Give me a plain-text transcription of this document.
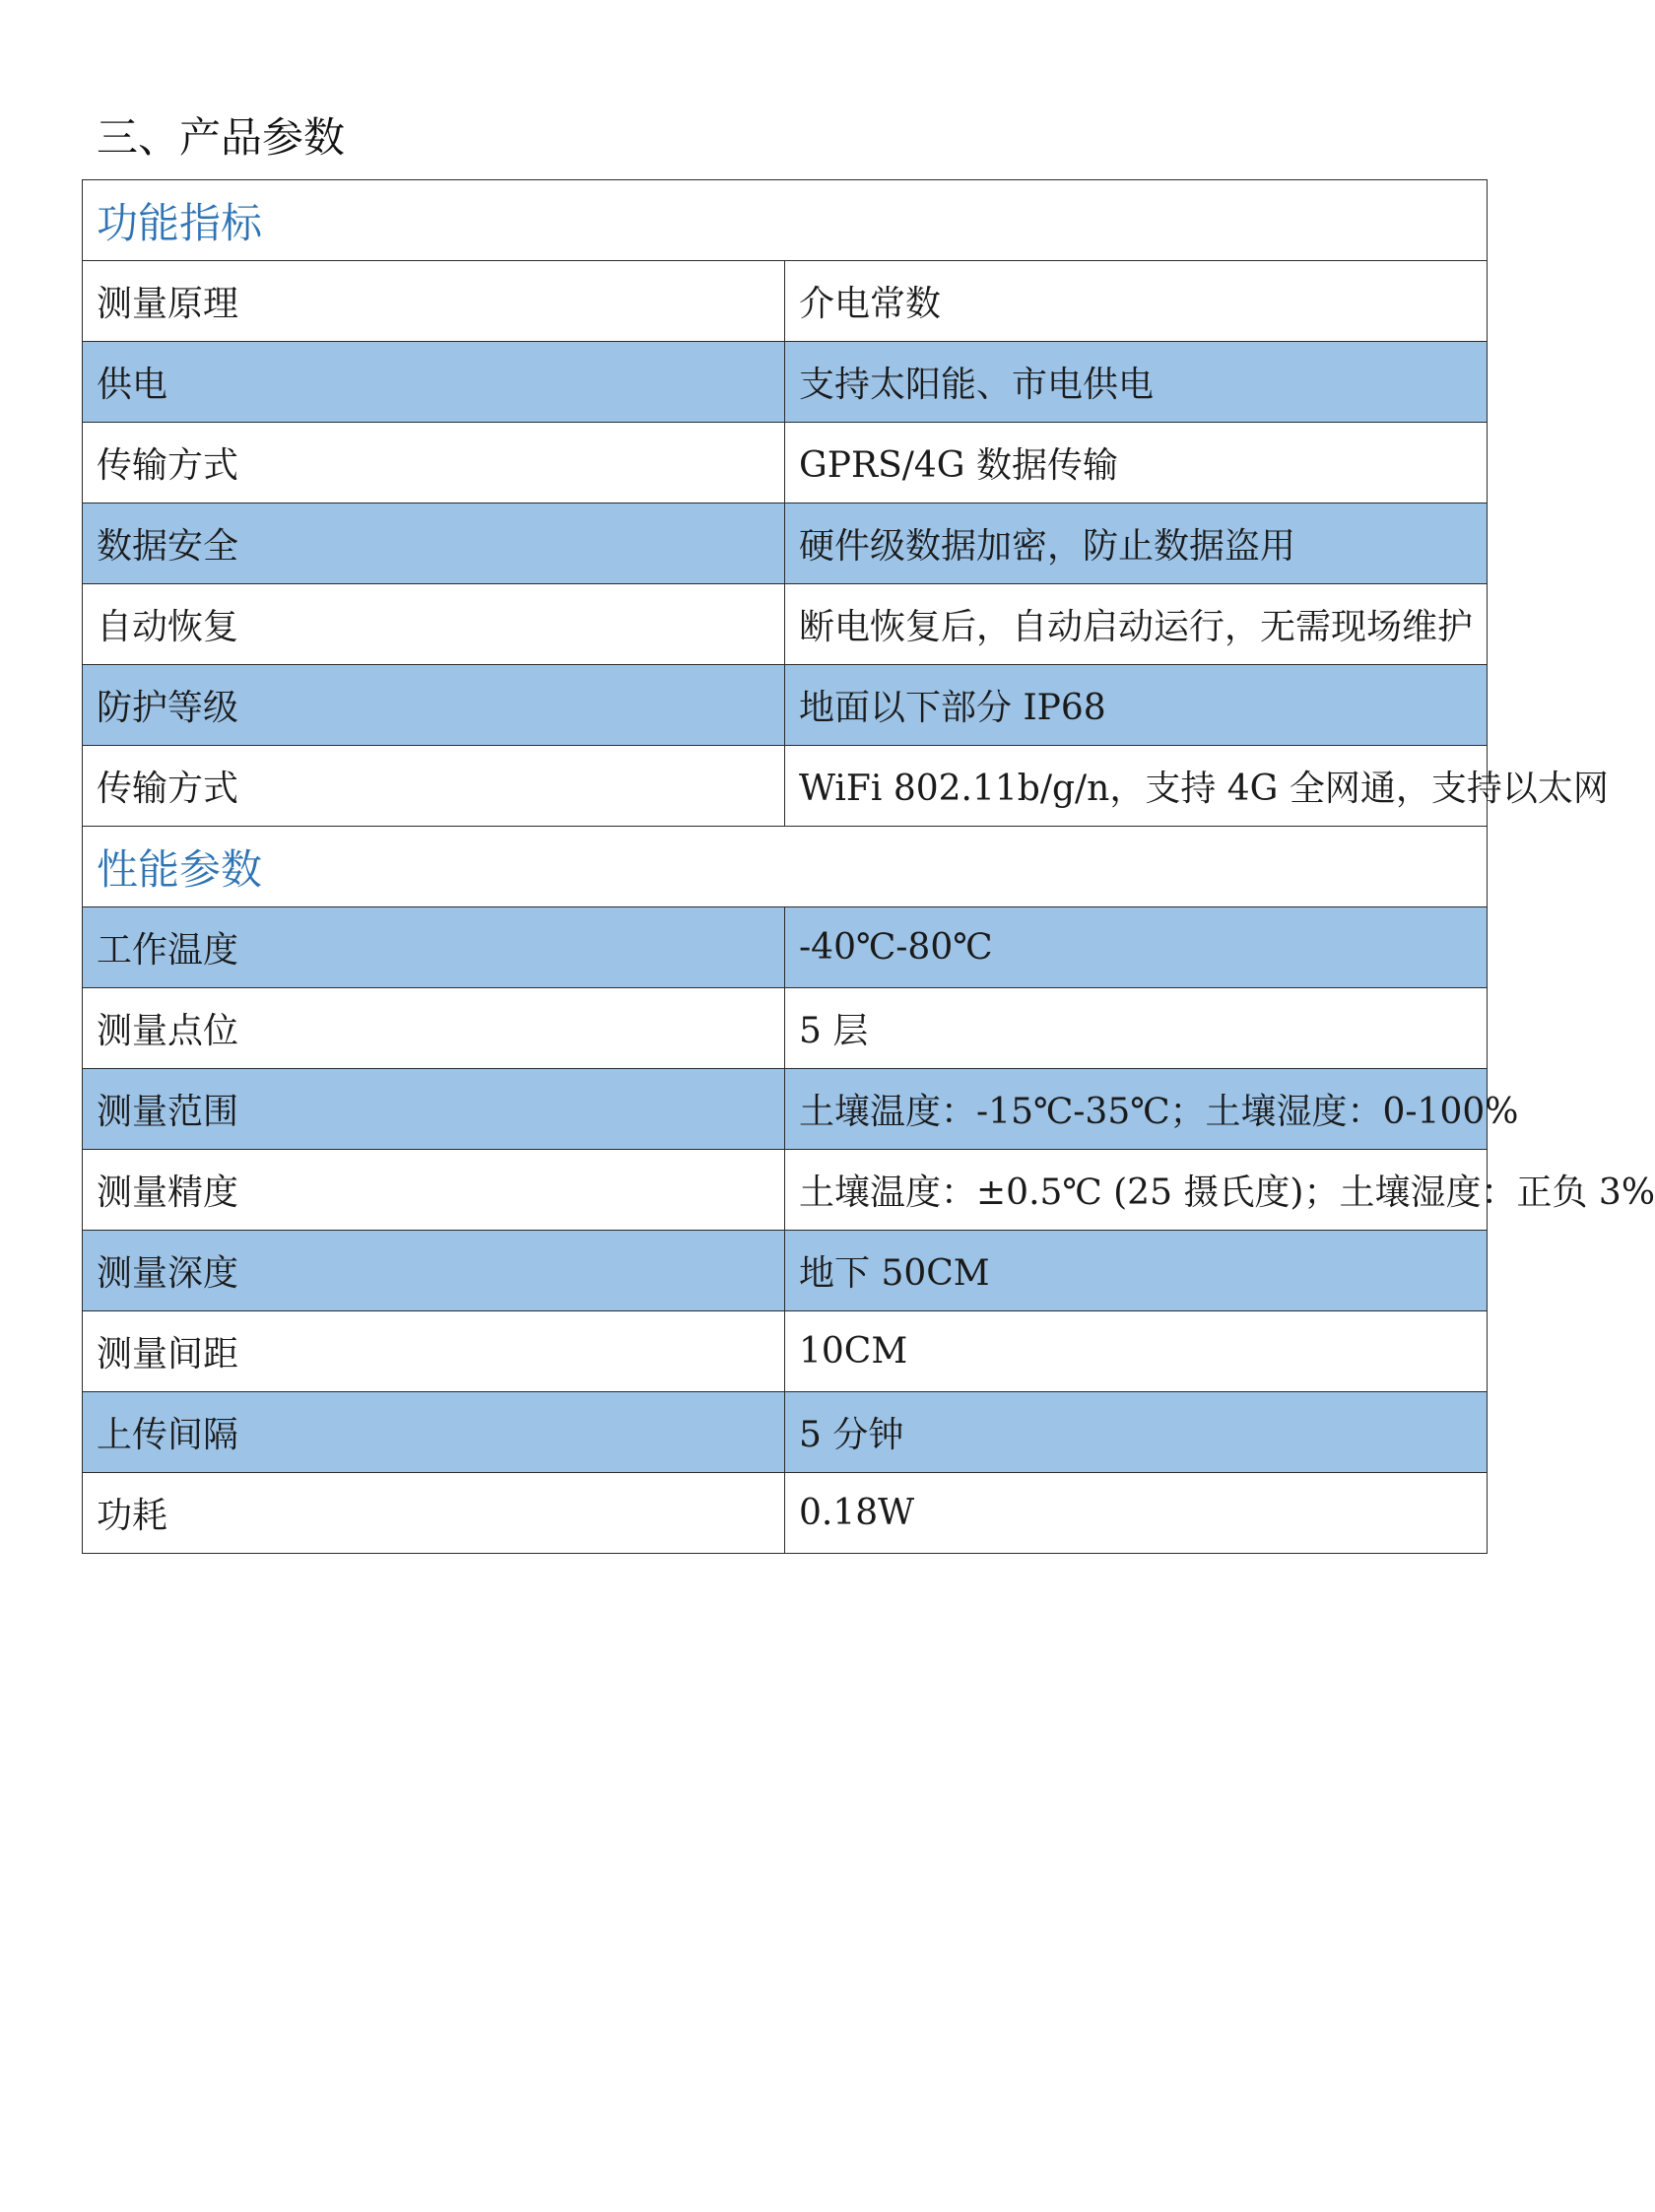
三、产品参数
功能指标	
测量原理	介电常数
供电	支持太阳能、市电供电
传输方式	GPRS/4G 数据传输
数据安全	硬件级数据加密，防止数据盗用
自动恢复	断电恢复后，自动启动运行，无需现场维护
防护等级	地面以下部分 IP68
传输方式	WiFi 802.11b/g/n，支持 4G 全网通，支持以太网
性能参数	
工作温度	-40℃-80℃
测量点位	5 层
测量范围	土壤温度：-15℃-35℃；土壤湿度：0-100%
测量精度	土壤温度：±0.5℃ (25 摄氏度)；土壤湿度：正负 3%
测量深度	地下 50CM
测量间距	10CM
上传间隔	5 分钟
功耗	0.18W
